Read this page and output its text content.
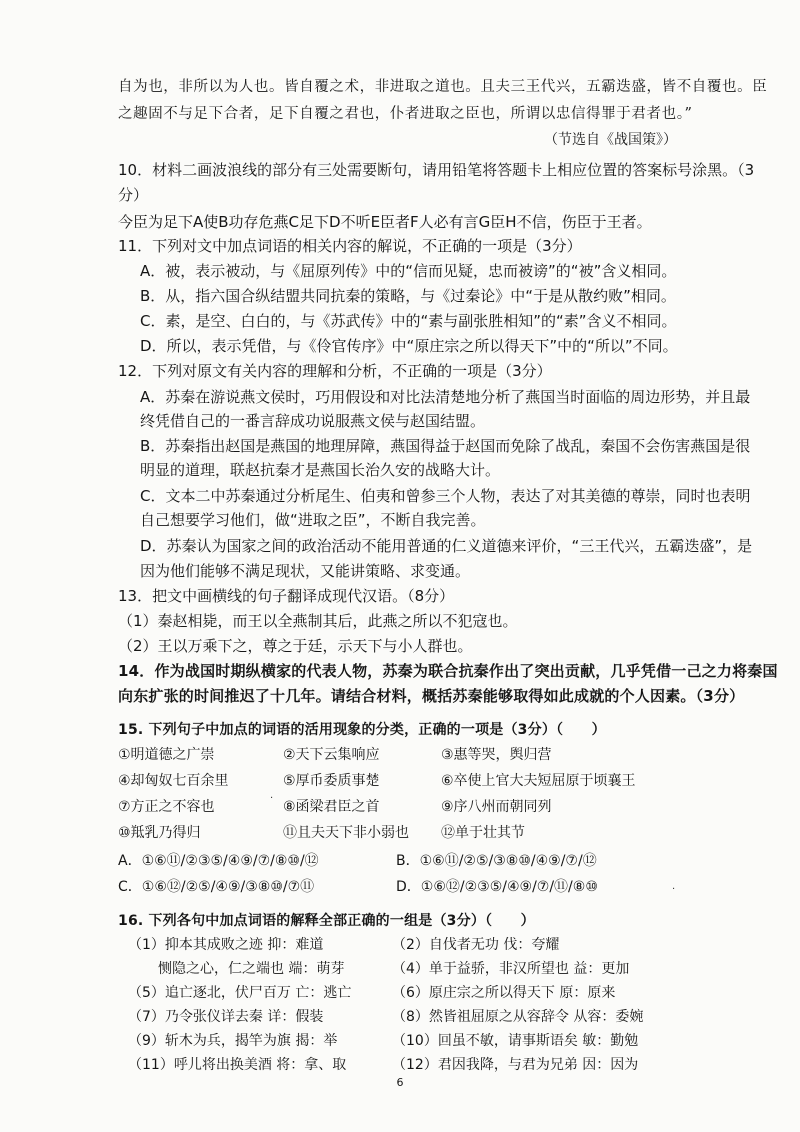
自为也，非所以为人也。皆自覆之术，非进取之道也。且夫三王代兴，五霸迭盛，皆不自覆也。臣
之趣固不与足下合者，足下自覆之君也，仆者进取之臣也，所谓以忠信得罪于君者也。”
（节选自《战国策》）
10．材料二画波浪线的部分有三处需要断句，请用铅笔将答题卡上相应位置的答案标号涂黑。（3
分）
今臣为足下A使B功存危燕C足下D不听E臣者F人必有言G臣H不信，伤臣于王者。
11．下列对文中加点词语的相关内容的解说，不正确的一项是（3分）
A．被，表示被动，与《屈原列传》中的“信而见疑，忠而被谤”的“被”含义相同。
B．从，指六国合纵结盟共同抗秦的策略，与《过秦论》中“于是从散约败”相同。
C．素，是空、白白的，与《苏武传》中的“素与副张胜相知”的“素”含义不相同。
D．所以，表示凭借，与《伶官传序》中“原庄宗之所以得天下”中的“所以”不同。
12．下列对原文有关内容的理解和分析，不正确的一项是（3分）
A．苏秦在游说燕文侯时，巧用假设和对比法清楚地分析了燕国当时面临的周边形势，并且最
终凭借自己的一番言辞成功说服燕文侯与赵国结盟。
B．苏秦指出赵国是燕国的地理屏障，燕国得益于赵国而免除了战乱，秦国不会伤害燕国是很
明显的道理，联赵抗秦才是燕国长治久安的战略大计。
C．文本二中苏秦通过分析尾生、伯夷和曾参三个人物，表达了对其美德的尊崇，同时也表明
自己想要学习他们，做“进取之臣”，不断自我完善。
D．苏秦认为国家之间的政治活动不能用普通的仁义道德来评价，“三王代兴，五霸迭盛”，是
因为他们能够不满足现状，又能讲策略、求变通。
13．把文中画横线的句子翻译成现代汉语。（8分）
（1）秦赵相毙，而王以全燕制其后，此燕之所以不犯寇也。
（2）王以万乘下之，尊之于廷，示天下与小人群也。
14．作为战国时期纵横家的代表人物，苏秦为联合抗秦作出了突出贡献，几乎凭借一己之力将秦国
向东扩张的时间推迟了十几年。请结合材料，概括苏秦能够取得如此成就的个人因素。（3分）
15. 下列句子中加点的词语的活用现象的分类，正确的一项是（3分）（　　）
①明道德之广崇	②天下云集响应	③惠等哭，舆归营
④却匈奴七百余里	⑤厚币委质事楚	⑥卒使上官大夫短屈原于顷襄王
⑦方正之不容也	⑧函梁君臣之首	⑨序八州而朝同列
⑩羝乳乃得归	⑪且夫天下非小弱也 ⑫单于壮其节
A．①⑥⑪/②③⑤/④⑨/⑦/⑧⑩/⑫	B．①⑥⑪/②⑤/③⑧⑩/④⑨/⑦/⑫
C．①⑥⑫/②⑤/④⑨/③⑧⑩/⑦⑪	D．①⑥⑫/②③⑤/④⑨/⑦/⑪/⑧⑩
16. 下列各句中加点词语的解释全部正确的一组是（3分）（　　）
（1）抑本其成败之迹 抑：难道	（2）自伐者无功 伐：夸耀
恻隐之心，仁之端也 端：萌芽	（4）单于益骄，非汉所望也 益：更加
（5）追亡逐北，伏尸百万 亡：逃亡	（6）原庄宗之所以得天下 原：原来
（7）乃令张仪详去秦 详：假装	（8）然皆祖屈原之从容辞令 从容：委婉
（9）斩木为兵，揭竿为旗 揭：举	（10）回虽不敏，请事斯语矣 敏：勤勉
（11）呼儿将出换美酒 将：拿、取	（12）君因我降，与君为兄弟 因：因为
·
·
6
